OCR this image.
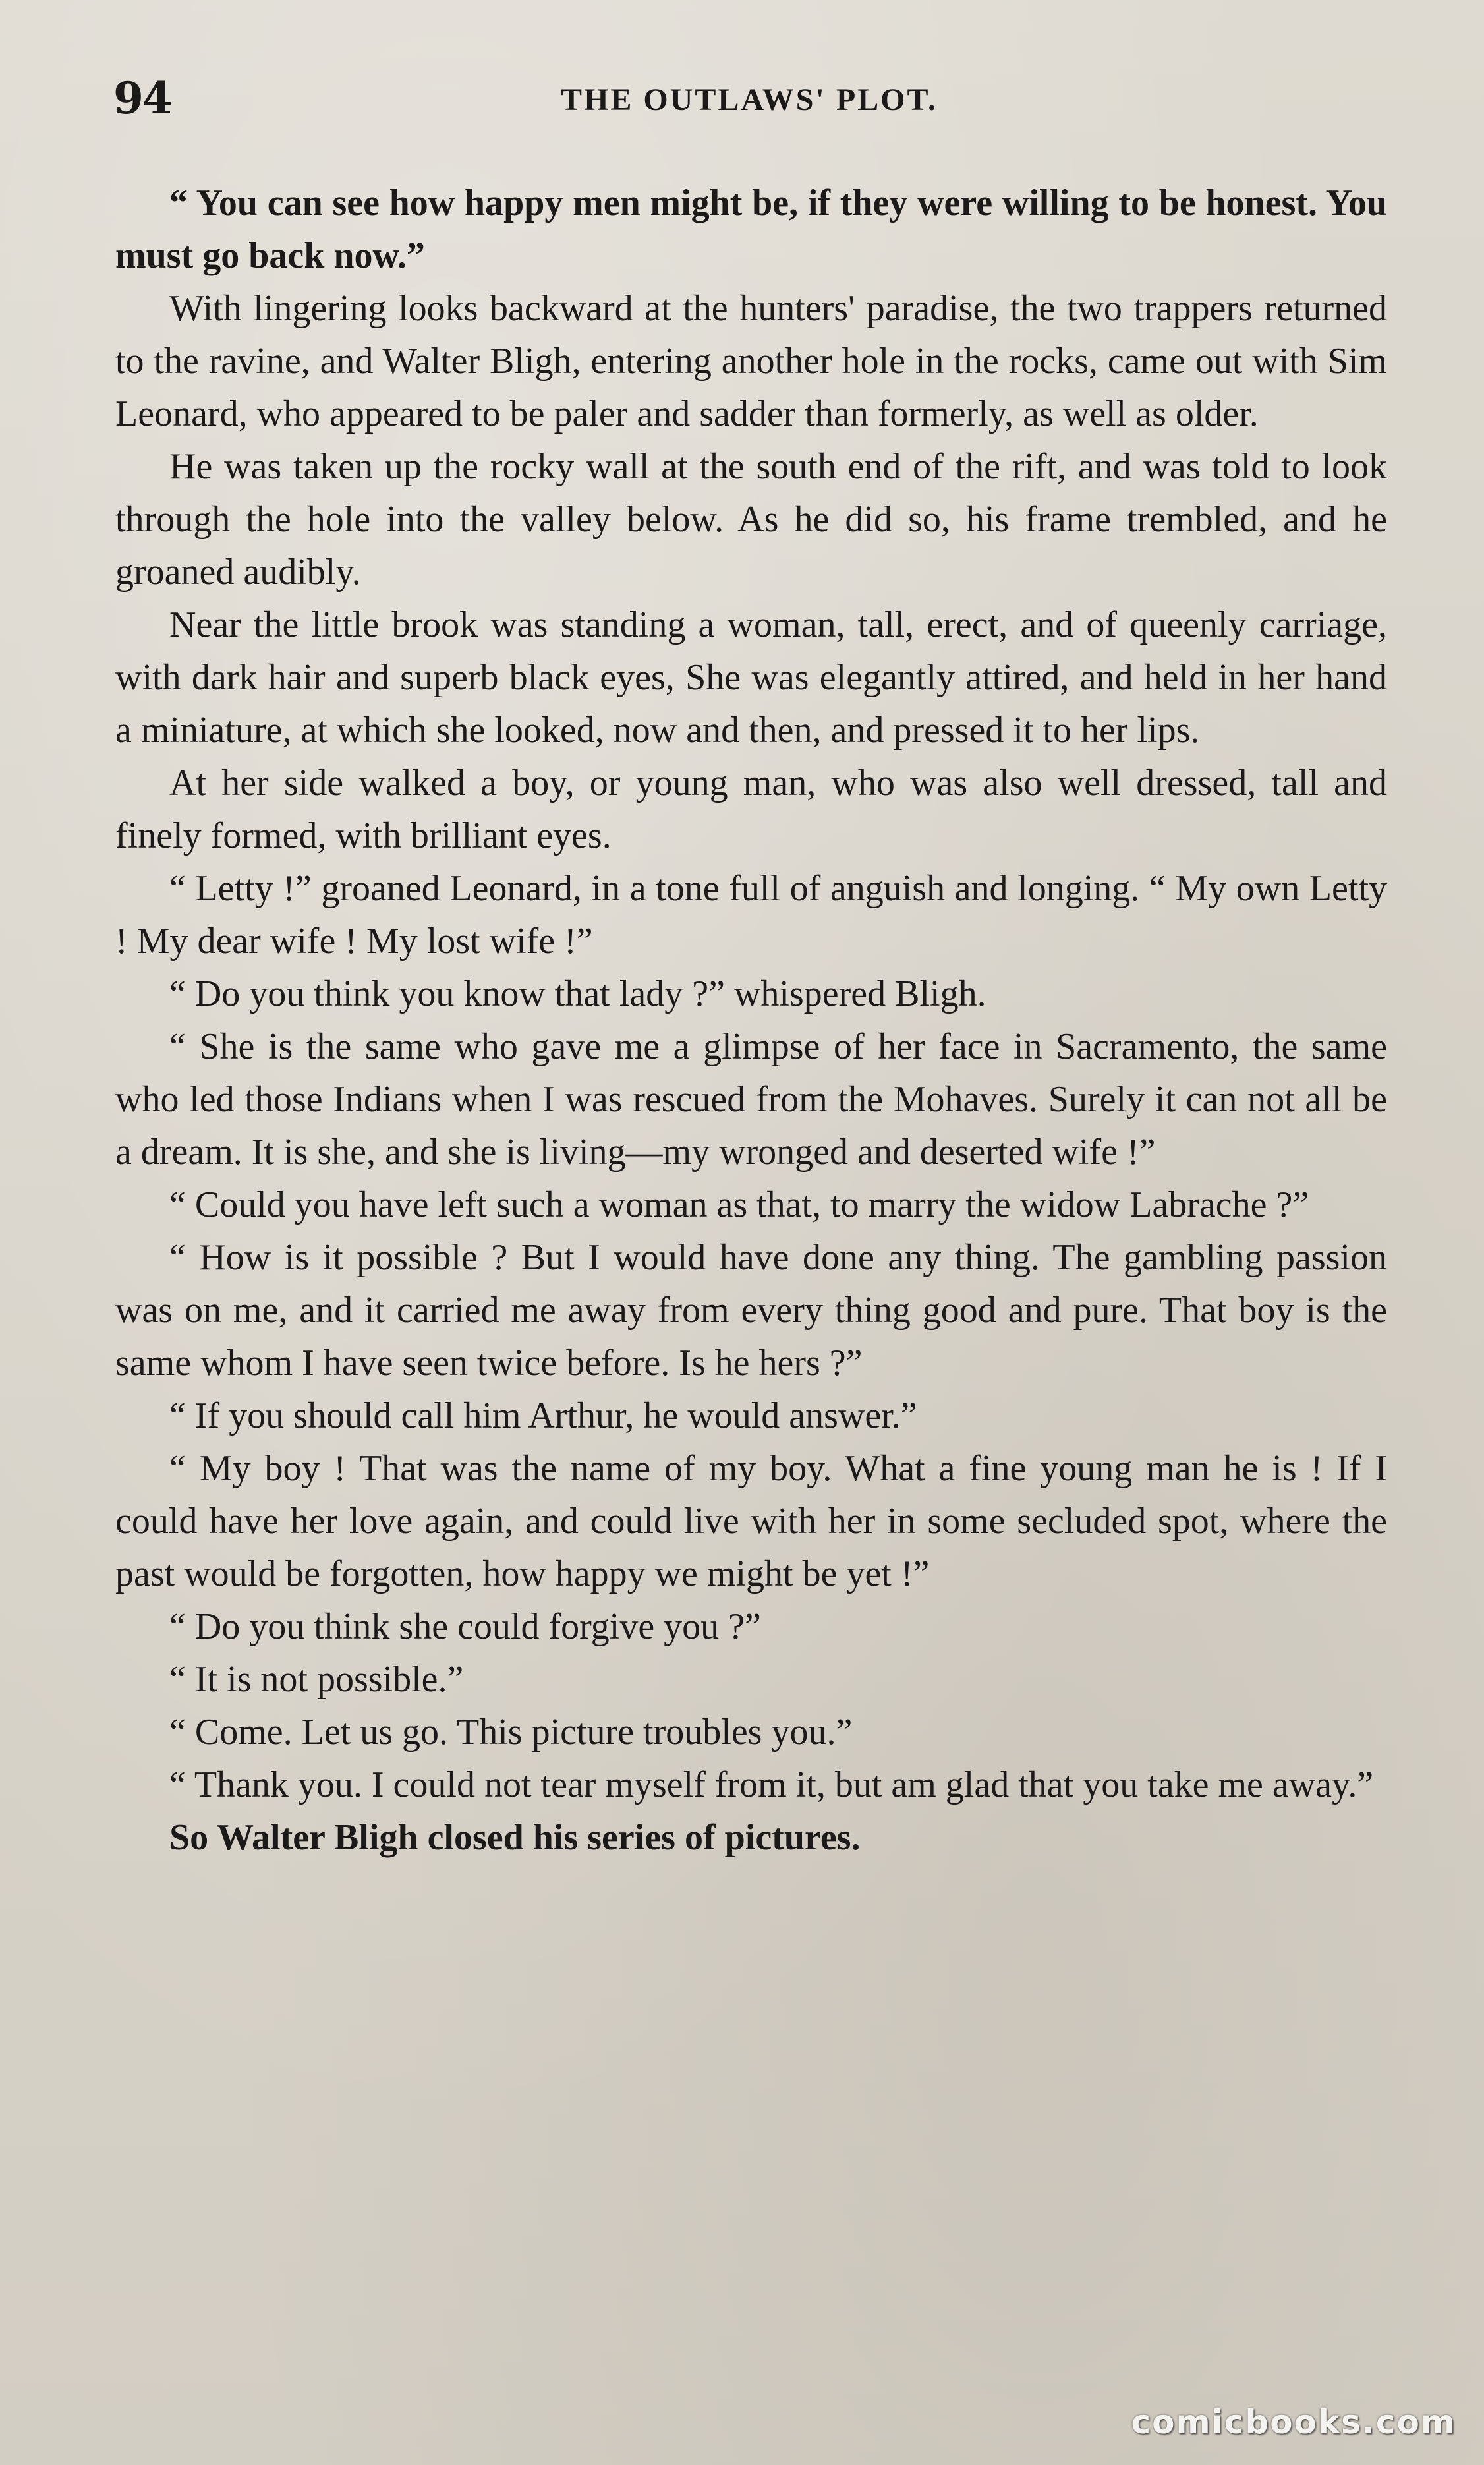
94	THE OUTLAWS' PLOT.

“ You can see how happy men might be, if they were willing to be honest. You must go back now.”

With lingering looks backward at the hunters' paradise, the two trappers returned to the ravine, and Walter Bligh, entering another hole in the rocks, came out with Sim Leonard, who appeared to be paler and sadder than formerly, as well as older.

He was taken up the rocky wall at the south end of the rift, and was told to look through the hole into the valley below. As he did so, his frame trembled, and he groaned audibly.

Near the little brook was standing a woman, tall, erect, and of queenly carriage, with dark hair and superb black eyes, She was elegantly attired, and held in her hand a miniature, at which she looked, now and then, and pressed it to her lips.

At her side walked a boy, or young man, who was also well dressed, tall and finely formed, with brilliant eyes.

“ Letty !” groaned Leonard, in a tone full of anguish and longing. “ My own Letty ! My dear wife ! My lost wife !”

“ Do you think you know that lady ?” whispered Bligh.

“ She is the same who gave me a glimpse of her face in Sacramento, the same who led those Indians when I was rescued from the Mohaves. Surely it can not all be a dream. It is she, and she is living—my wronged and deserted wife !”

“ Could you have left such a woman as that, to marry the widow Labrache ?”

“ How is it possible ? But I would have done any thing. The gambling passion was on me, and it carried me away from every thing good and pure. That boy is the same whom I have seen twice before. Is he hers ?”

“ If you should call him Arthur, he would answer.”

“ My boy ! That was the name of my boy. What a fine young man he is ! If I could have her love again, and could live with her in some secluded spot, where the past would be forgotten, how happy we might be yet !”

“ Do you think she could forgive you ?”

“ It is not possible.”

“ Come. Let us go. This picture troubles you.”

“ Thank you. I could not tear myself from it, but am glad that you take me away.”

So Walter Bligh closed his series of pictures.

comicbooks.com
